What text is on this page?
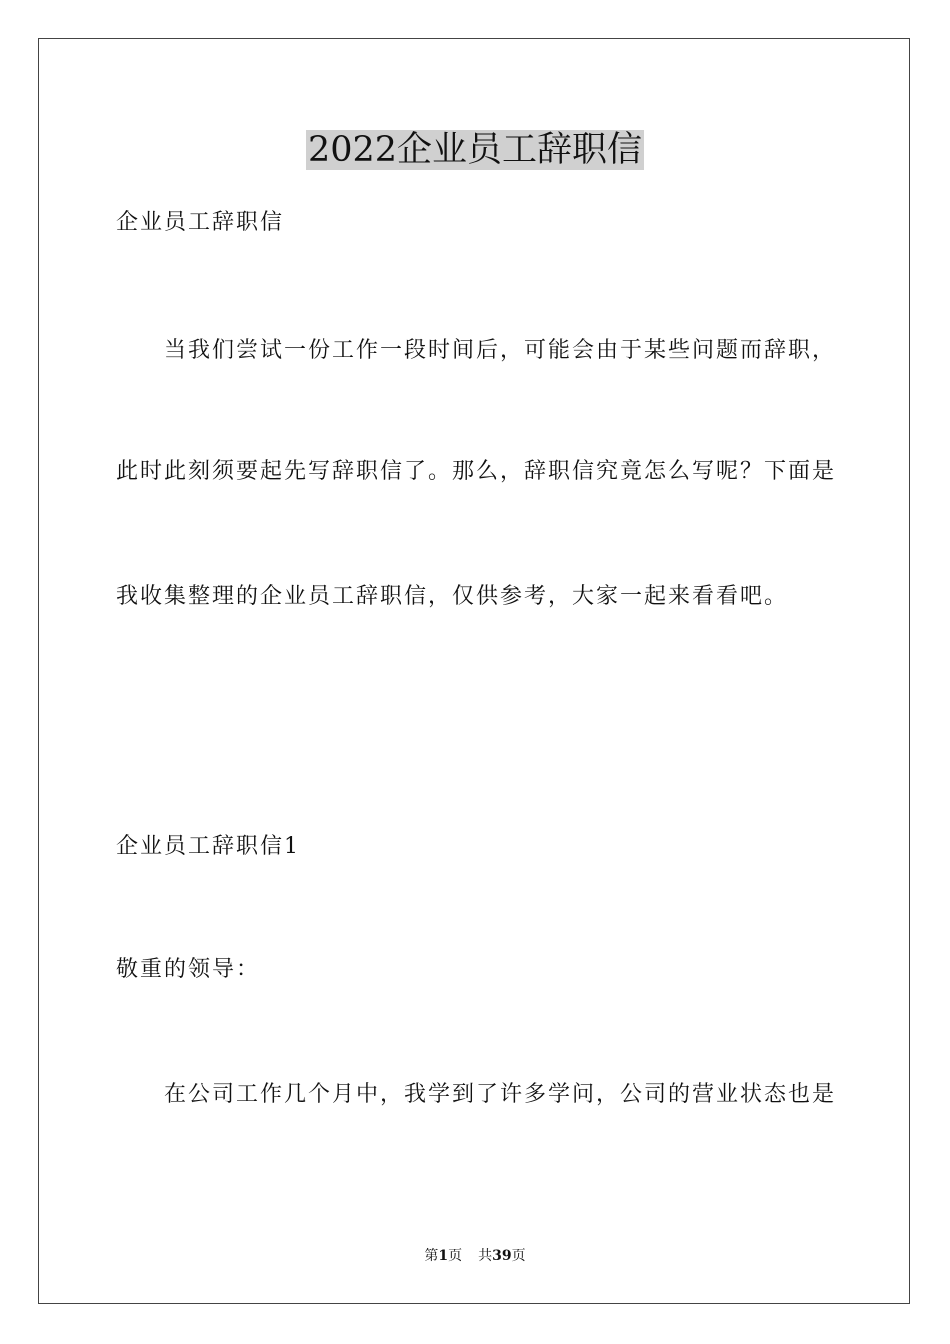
2022企业员工辞职信
企业员工辞职信
当我们尝试一份工作一段时间后，可能会由于某些问题而辞职，
此时此刻须要起先写辞职信了。那么，辞职信究竟怎么写呢？下面是
我收集整理的企业员工辞职信，仅供参考，大家一起来看看吧。
企业员工辞职信1
敬重的领导：
在公司工作几个月中，我学到了许多学问，公司的营业状态也是
第1页 共39页
